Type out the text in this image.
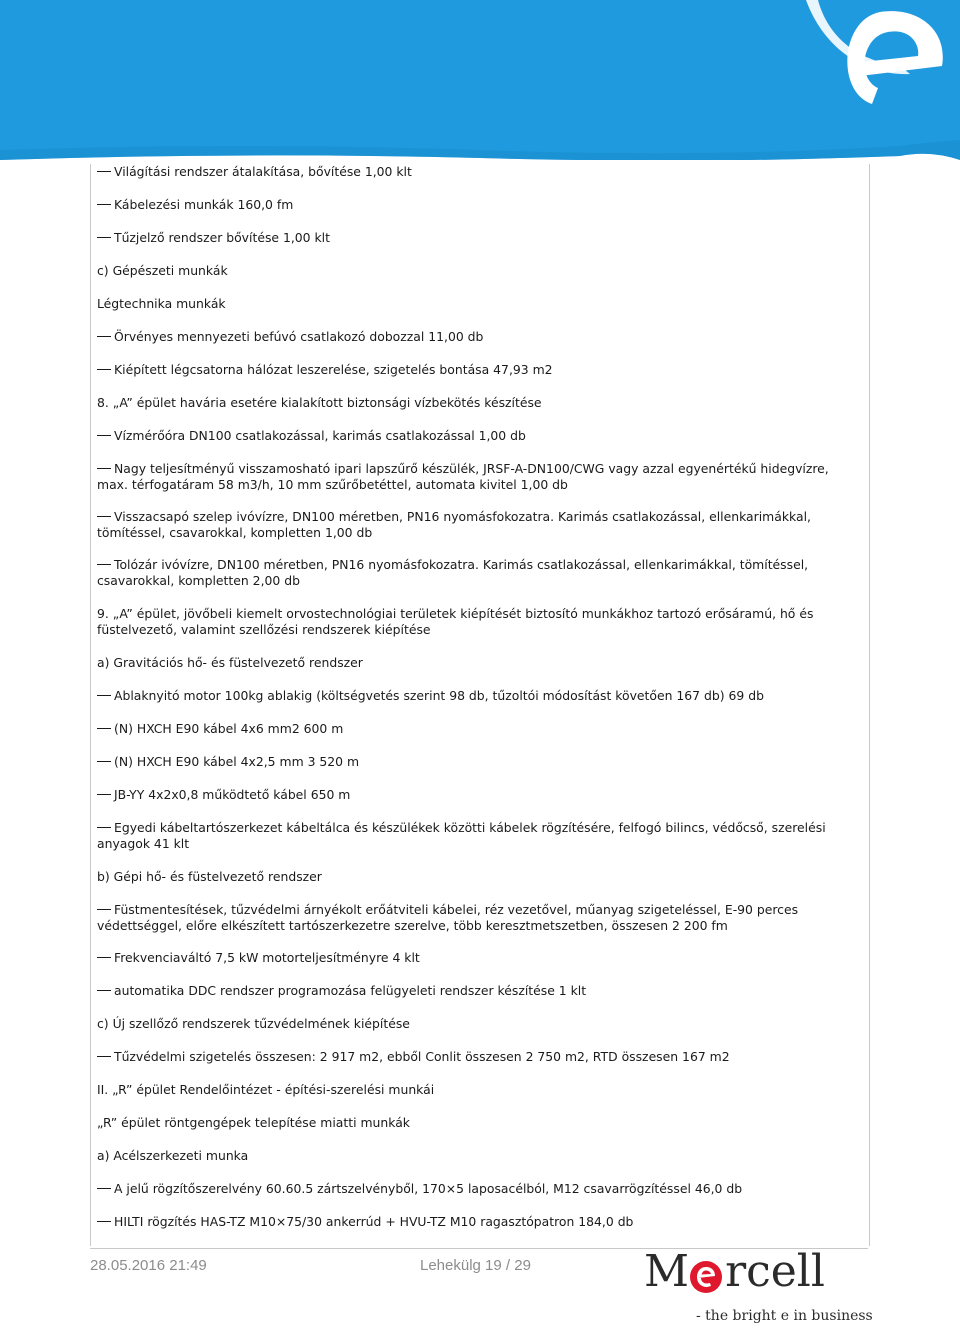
Világítási rendszer átalakítása, bővítése 1,00 klt
Kábelezési munkák 160,0 fm
Tűzjelző rendszer bővítése 1,00 klt
c) Gépészeti munkák
Légtechnika munkák
Örvényes mennyezeti befúvó csatlakozó dobozzal 11,00 db
Kiépített légcsatorna hálózat leszerelése, szigetelés bontása 47,93 m2
8. „A” épület havária esetére kialakított biztonsági vízbekötés készítése
Vízmérőóra DN100 csatlakozással, karimás csatlakozással 1,00 db
Nagy teljesítményű visszamosható ipari lapszűrő készülék, JRSF-A-DN100/CWG vagy azzal egyenértékű hidegvízre, max. térfogatáram 58 m3/h, 10 mm szűrőbetéttel, automata kivitel 1,00 db
Visszacsapó szelep ivóvízre, DN100 méretben, PN16 nyomásfokozatra. Karimás csatlakozással, ellenkarimákkal, tömítéssel, csavarokkal, kompletten 1,00 db
Tolózár ivóvízre, DN100 méretben, PN16 nyomásfokozatra. Karimás csatlakozással, ellenkarimákkal, tömítéssel, csavarokkal, kompletten 2,00 db
9. „A” épület, jövőbeli kiemelt orvostechnológiai területek kiépítését biztosító munkákhoz tartozó erősáramú, hő és füstelvezető, valamint szellőzési rendszerek kiépítése
a) Gravitációs hő- és füstelvezető rendszer
Ablaknyitó motor 100kg ablakig (költségvetés szerint 98 db, tűzoltói módosítást követően 167 db) 69 db
(N) HXCH E90 kábel 4x6 mm2 600 m
(N) HXCH E90 kábel 4x2,5 mm 3 520 m
JB-YY 4x2x0,8 működtető kábel 650 m
Egyedi kábeltartószerkezet kábeltálca és készülékek közötti kábelek rögzítésére, felfogó bilincs, védőcső, szerelési anyagok 41 klt
b) Gépi hő- és füstelvezető rendszer
Füstmentesítések, tűzvédelmi árnyékolt erőátviteli kábelei, réz vezetővel, műanyag szigeteléssel, E-90 perces védettséggel, előre elkészített tartószerkezetre szerelve, több keresztmetszetben, összesen 2 200 fm
Frekvenciaváltó 7,5 kW motorteljesítményre 4 klt
automatika DDC rendszer programozása felügyeleti rendszer készítése 1 klt
c) Új szellőző rendszerek tűzvédelmének kiépítése
Tűzvédelmi szigetelés összesen: 2 917 m2, ebből Conlit összesen 2 750 m2, RTD összesen 167 m2
II. „R” épület Rendelőintézet - építési-szerelési munkái
„R” épület röntgengépek telepítése miatti munkák
a) Acélszerkezeti munka
A jelű rögzítőszerelvény 60.60.5 zártszelvényből, 170×5 laposacélból, M12 csavarrögzítéssel 46,0 db
HILTI rögzítés HAS-TZ M10×75/30 ankerrúd + HVU-TZ M10 ragasztópatron 184,0 db
28.05.2016 21:49	Lehekülg 19 / 29	M rcell
- the bright e in business
